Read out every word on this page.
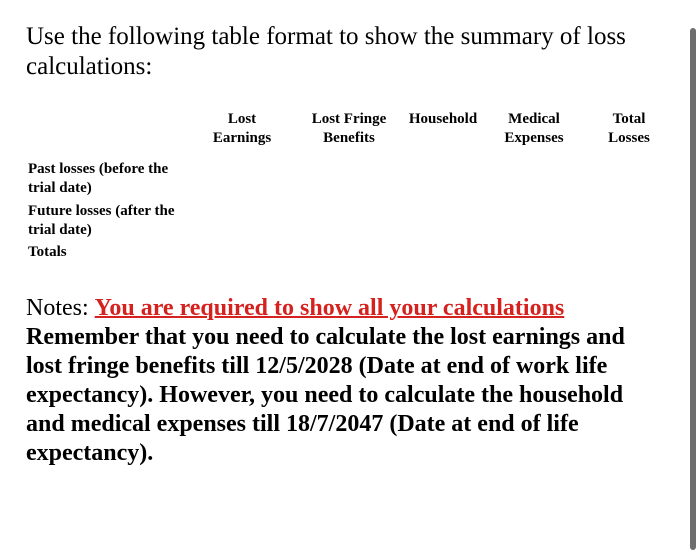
Use the following table format to show the summary of loss calculations:

Lost
Earnings
Lost Fringe
Benefits
Household	Medical
Expenses
Total
Losses
Past losses (before the
trial date)
Future losses (after the
trial date)
Totals

Notes: You are required to show all your calculations
Remember that you need to calculate the lost earnings and lost fringe benefits till 12/5/2028 (Date at end of work life expectancy). However, you need to calculate the household and medical expenses till 18/7/2047 (Date at end of life expectancy).
